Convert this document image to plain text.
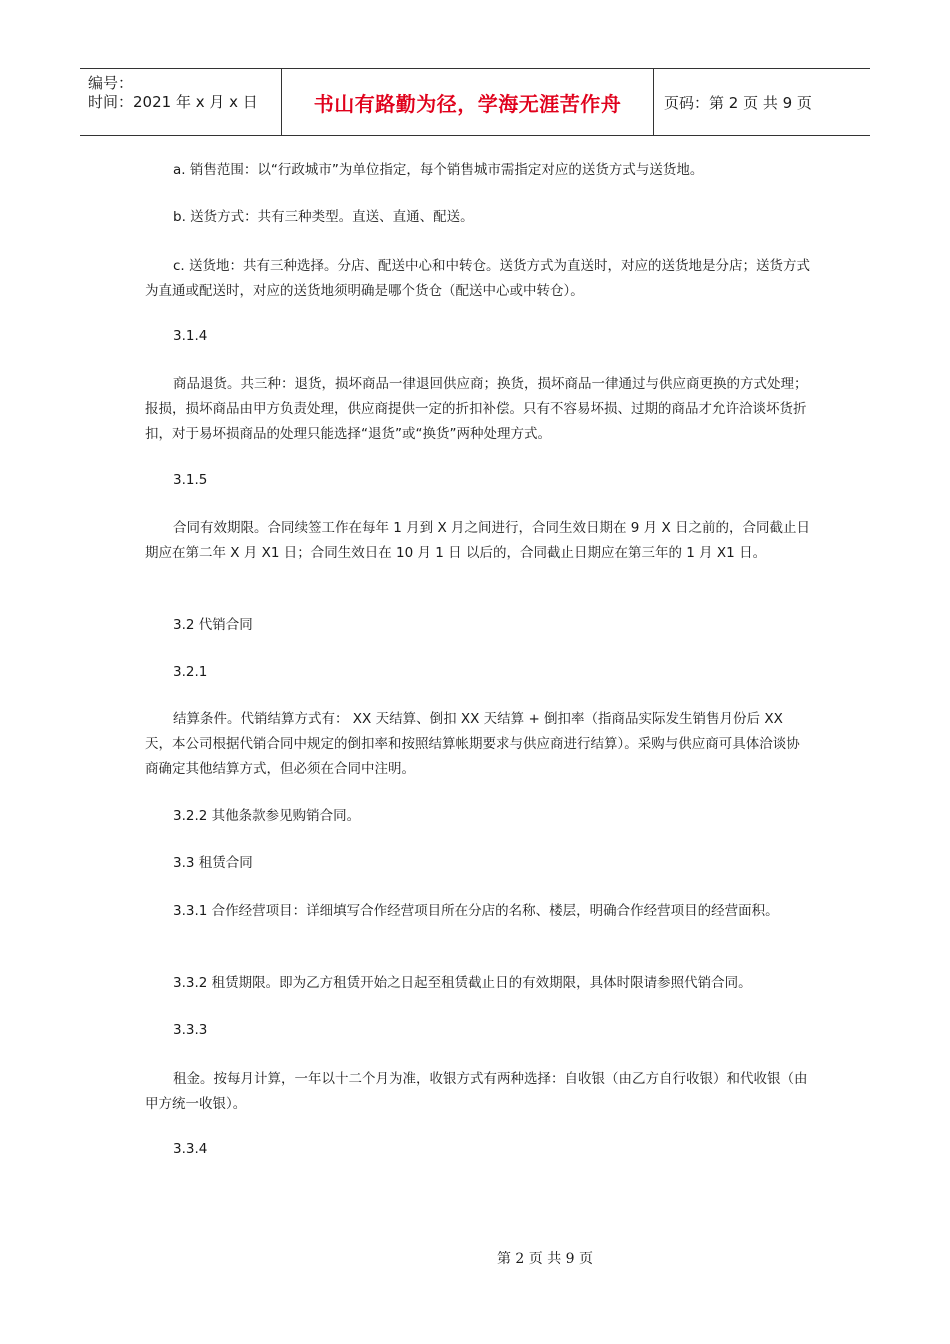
编号：
时间：2021 年 x 月 x 日	书山有路勤为径，学海无涯苦作舟	页码：第 2 页 共 9 页

a. 销售范围：以“行政城市”为单位指定，每个销售城市需指定对应的送货方式与送货地。

b. 送货方式：共有三种类型。直送、直通、配送。

c. 送货地：共有三种选择。分店、配送中心和中转仓。送货方式为直送时，对应的送货地是分店；送货方式为直通或配送时，对应的送货地须明确是哪个货仓（配送中心或中转仓）。

3.1.4

商品退货。共三种：退货，损坏商品一律退回供应商；换货，损坏商品一律通过与供应商更换的方式处理；报损，损坏商品由甲方负责处理，供应商提供一定的折扣补偿。只有不容易坏损、过期的商品才允许洽谈坏货折扣，对于易坏损商品的处理只能选择“退货”或“换货”两种处理方式。

3.1.5

合同有效期限。合同续签工作在每年 1 月到 X 月之间进行，合同生效日期在 9 月 X 日之前的，合同截止日期应在第二年 X 月 X1 日；合同生效日在 10 月 1 日 以后的，合同截止日期应在第三年的 1 月 X1 日。

3.2 代销合同

3.2.1

结算条件。代销结算方式有： XX 天结算、倒扣 XX 天结算 + 倒扣率（指商品实际发生销售月份后 XX 天，本公司根据代销合同中规定的倒扣率和按照结算帐期要求与供应商进行结算）。采购与供应商可具体洽谈协商确定其他结算方式，但必须在合同中注明。

3.2.2 其他条款参见购销合同。

3.3 租赁合同

3.3.1 合作经营项目：详细填写合作经营项目所在分店的名称、楼层，明确合作经营项目的经营面积。

3.3.2 租赁期限。即为乙方租赁开始之日起至租赁截止日的有效期限，具体时限请参照代销合同。

3.3.3

租金。按每月计算，一年以十二个月为准，收银方式有两种选择：自收银（由乙方自行收银）和代收银（由甲方统一收银）。

3.3.4

第 2 页 共 9 页
